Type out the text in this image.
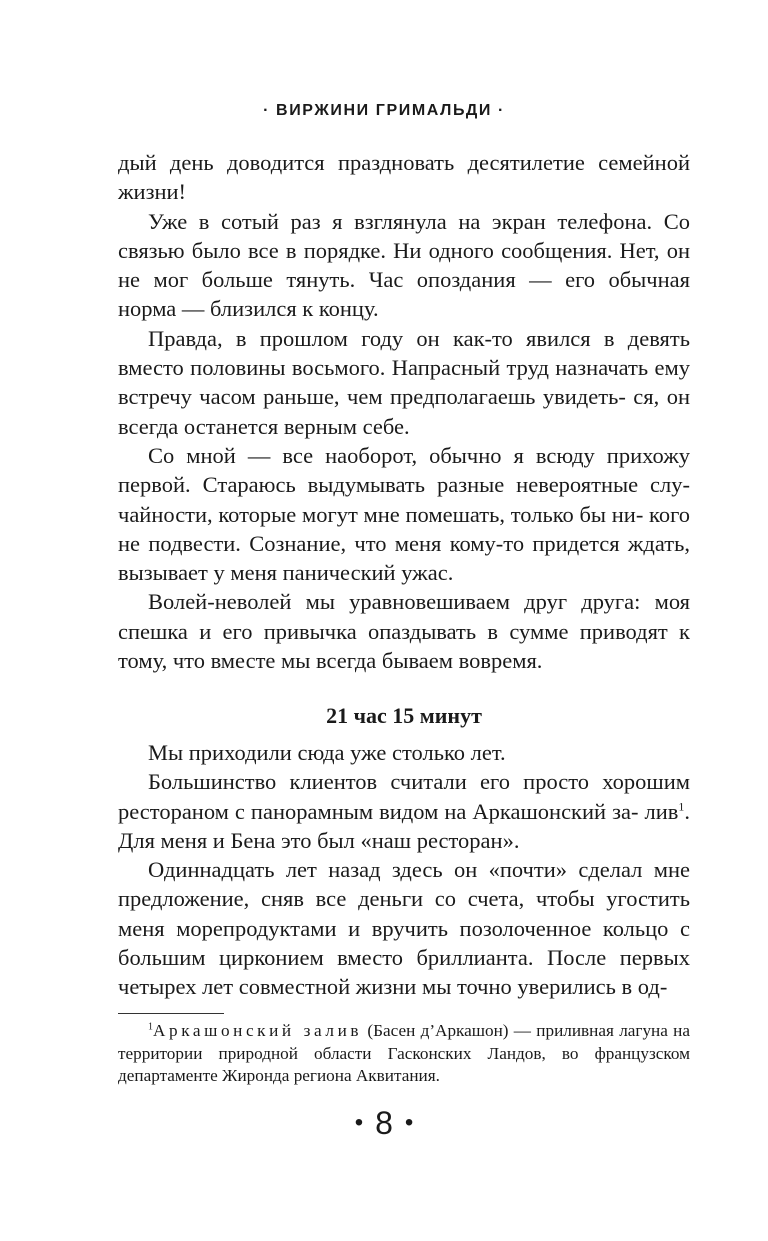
· ВИРЖИНИ ГРИМАЛЬДИ ·

дый день доводится праздновать десятилетие семейной жизни!

Уже в сотый раз я взглянула на экран телефона. Со связью было все в порядке. Ни одного сообщения. Нет, он не мог больше тянуть. Час опоздания — его обычная норма — близился к концу.

Правда, в прошлом году он как-то явился в девять вместо половины восьмого. Напрасный труд назначать ему встречу часом раньше, чем предполагаешь увидеть- ся, он всегда останется верным себе.

Со мной — все наоборот, обычно я всюду прихожу первой. Стараюсь выдумывать разные невероятные слу- чайности, которые могут мне помешать, только бы ни- кого не подвести. Сознание, что меня кому-то придется ждать, вызывает у меня панический ужас.

Волей-неволей мы уравновешиваем друг друга: моя спешка и его привычка опаздывать в сумме приводят к тому, что вместе мы всегда бываем вовремя.

21 час 15 минут

Мы приходили сюда уже столько лет.

Большинство клиентов считали его просто хорошим рестораном с панорамным видом на Аркашонский за- лив$^1$. Для меня и Бена это был «наш ресторан».

Одиннадцать лет назад здесь он «почти» сделал мне предложение, сняв все деньги со счета, чтобы угостить меня морепродуктами и вручить позолоченное кольцо с большим цирконием вместо бриллианта. После первых четырех лет совместной жизни мы точно уверились в од-

$^1$Аркашонский залив (Басен д’Аркашон) — приливная лагуна на территории природной области Гасконских Ландов, во французском департаменте Жиронда региона Аквитания.

• 8 •
